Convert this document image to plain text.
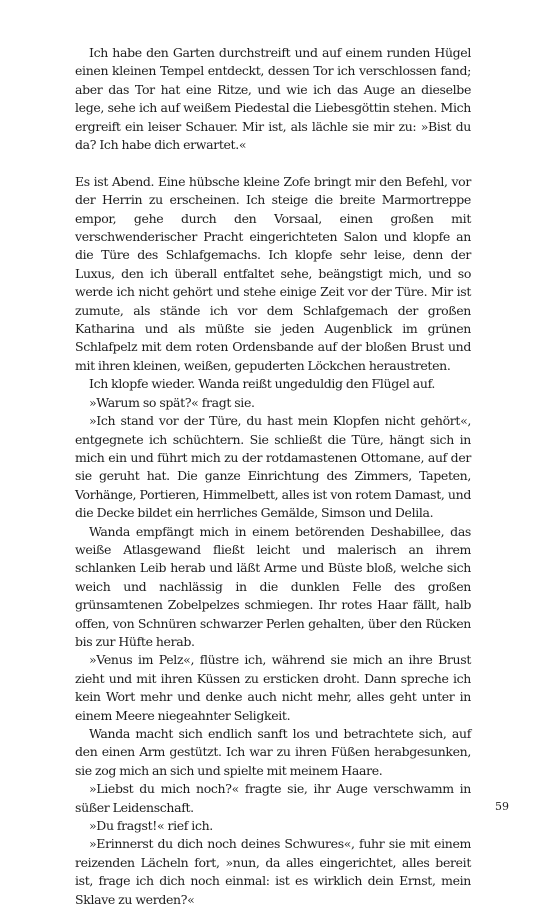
Ich habe den Garten durchstreift und auf einem runden Hügel einen kleinen Tempel entdeckt, dessen Tor ich verschlossen fand; aber das Tor hat eine Ritze, und wie ich das Auge an dieselbe lege, sehe ich auf weißem Piedestal die Liebesgöttin stehen. Mich ergreift ein leiser Schauer. Mir ist, als lächle sie mir zu: »Bist du da? Ich habe dich erwartet.«

Es ist Abend. Eine hübsche kleine Zofe bringt mir den Befehl, vor der Herrin zu erscheinen. Ich steige die breite Marmortreppe empor, gehe durch den Vorsaal, einen großen mit verschwenderischer Pracht eingerichteten Salon und klopfe an die Türe des Schlafgemachs. Ich klopfe sehr leise, denn der Luxus, den ich überall entfaltet sehe, beängstigt mich, und so werde ich nicht gehört und stehe einige Zeit vor der Türe. Mir ist zumute, als stände ich vor dem Schlafgemach der großen Katharina und als müßte sie jeden Augenblick im grünen Schlafpelz mit dem roten Ordensbande auf der bloßen Brust und mit ihren kleinen, weißen, gepuderten Löckchen heraustreten.

Ich klopfe wieder. Wanda reißt ungeduldig den Flügel auf.

»Warum so spät?« fragt sie.

»Ich stand vor der Türe, du hast mein Klopfen nicht gehört«, entgegnete ich schüchtern. Sie schließt die Türe, hängt sich in mich ein und führt mich zu der rotdamastenen Ottomane, auf der sie geruht hat. Die ganze Einrichtung des Zimmers, Tapeten, Vorhänge, Portieren, Himmelbett, alles ist von rotem Damast, und die Decke bildet ein herrliches Gemälde, Simson und Delila.

Wanda empfängt mich in einem betörenden Deshabillee, das weiße Atlasgewand fließt leicht und malerisch an ihrem schlanken Leib herab und läßt Arme und Büste bloß, welche sich weich und nachlässig in die dunklen Felle des großen grünsamtenen Zobelpelzes schmiegen. Ihr rotes Haar fällt, halb offen, von Schnüren schwarzer Perlen gehalten, über den Rücken bis zur Hüfte herab.

»Venus im Pelz«, flüstre ich, während sie mich an ihre Brust zieht und mit ihren Küssen zu ersticken droht. Dann spreche ich kein Wort mehr und denke auch nicht mehr, alles geht unter in einem Meere niegeahnter Seligkeit.

Wanda macht sich endlich sanft los und betrachtete sich, auf den einen Arm gestützt. Ich war zu ihren Füßen herabgesunken, sie zog mich an sich und spielte mit meinem Haare.

»Liebst du mich noch?« fragte sie, ihr Auge verschwamm in süßer Leidenschaft.

»Du fragst!« rief ich.

»Erinnerst du dich noch deines Schwures«, fuhr sie mit einem reizenden Lächeln fort, »nun, da alles eingerichtet, alles bereit ist, frage ich dich noch einmal: ist es wirklich dein Ernst, mein Sklave zu werden?«

59
